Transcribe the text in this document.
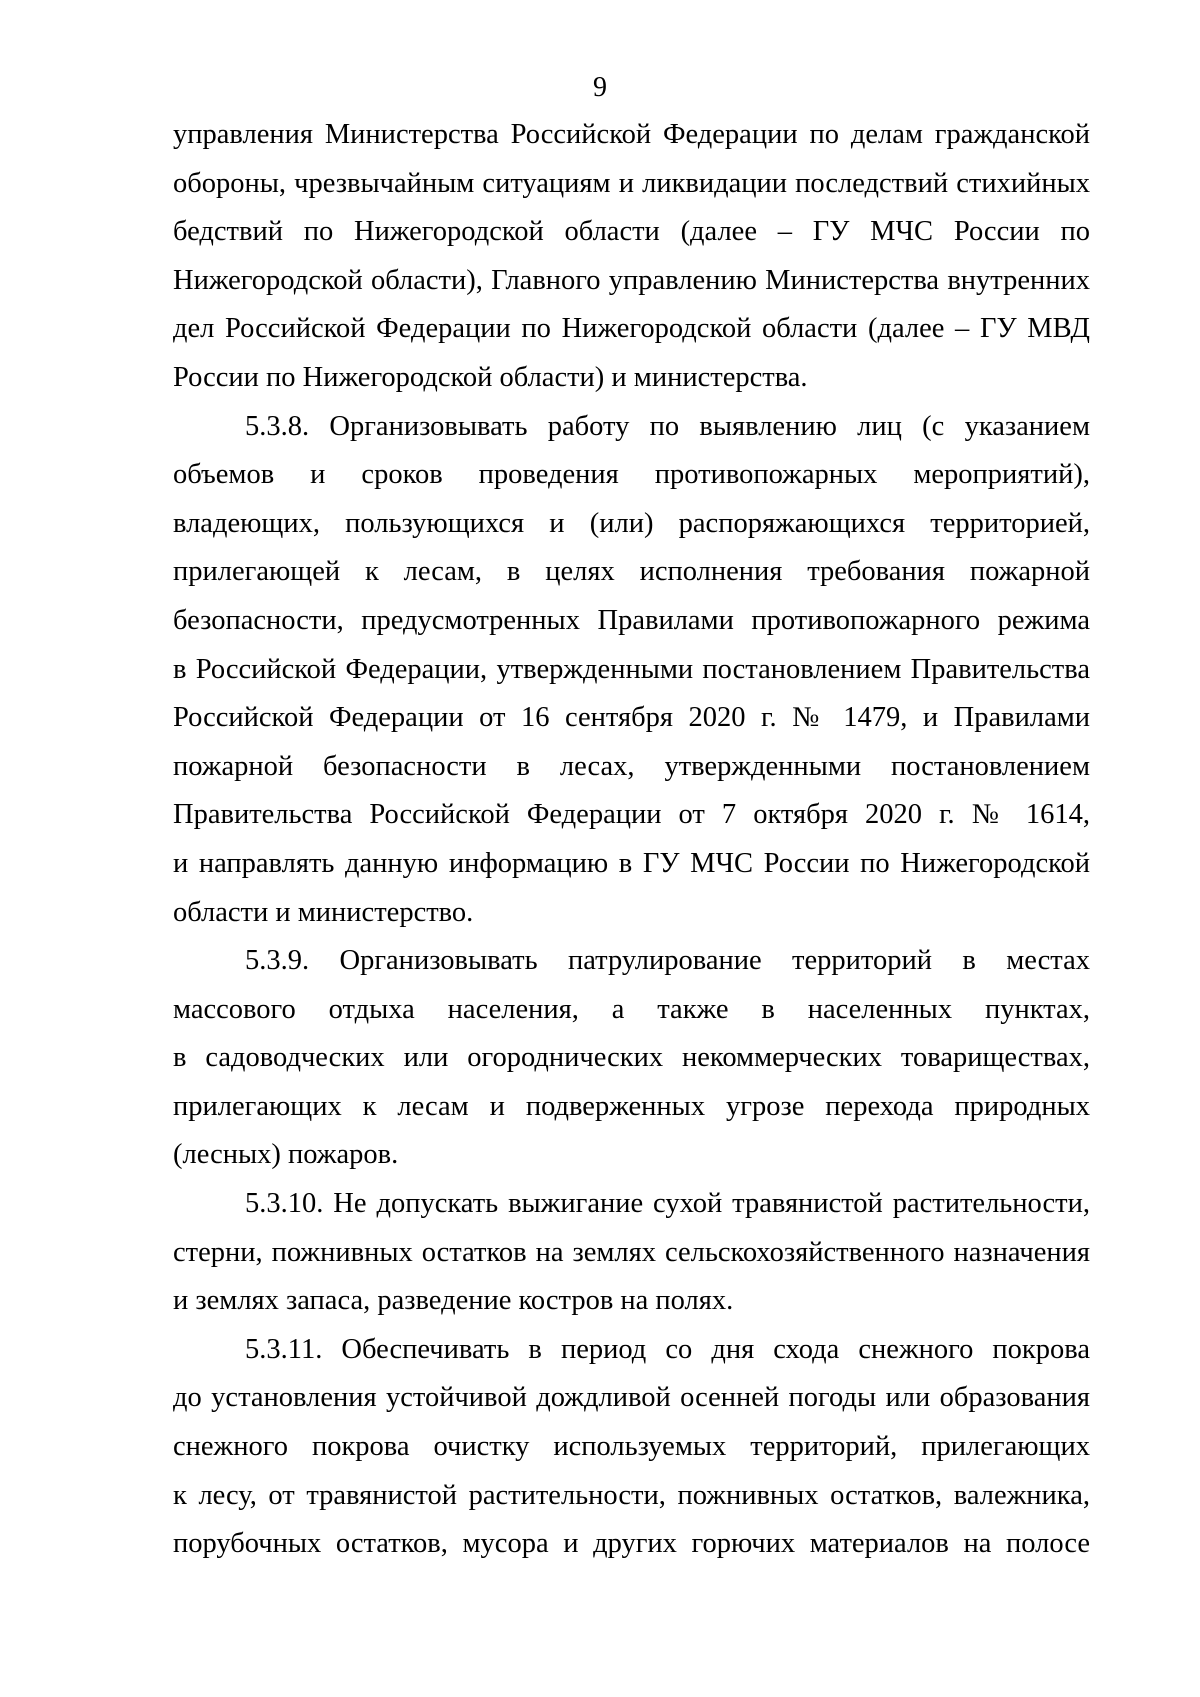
9
управления Министерства Российской Федерации по делам гражданской
обороны, чрезвычайным ситуациям и ликвидации последствий стихийных
бедствий по Нижегородской области (далее – ГУ МЧС России по
Нижегородской области), Главного управлению Министерства внутренних
дел Российской Федерации по Нижегородской области (далее – ГУ МВД
России по Нижегородской области) и министерства.
5.3.8. Организовывать работу по выявлению лиц (с указанием
объемов и сроков проведения противопожарных мероприятий),
владеющих, пользующихся и (или) распоряжающихся территорией,
прилегающей к лесам, в целях исполнения требования пожарной
безопасности, предусмотренных Правилами противопожарного режима
в Российской Федерации, утвержденными постановлением Правительства
Российской Федерации от 16 сентября 2020 г. № 1479, и Правилами
пожарной безопасности в лесах, утвержденными постановлением
Правительства Российской Федерации от 7 октября 2020 г. № 1614,
и направлять данную информацию в ГУ МЧС России по Нижегородской
области и министерство.
5.3.9. Организовывать патрулирование территорий в местах
массового отдыха населения, а также в населенных пунктах,
в садоводческих или огороднических некоммерческих товариществах,
прилегающих к лесам и подверженных угрозе перехода природных
(лесных) пожаров.
5.3.10. Не допускать выжигание сухой травянистой растительности,
стерни, пожнивных остатков на землях сельскохозяйственного назначения
и землях запаса, разведение костров на полях.
5.3.11. Обеспечивать в период со дня схода снежного покрова
до установления устойчивой дождливой осенней погоды или образования
снежного покрова очистку используемых территорий, прилегающих
к лесу, от травянистой растительности, пожнивных остатков, валежника,
порубочных остатков, мусора и других горючих материалов на полосе
